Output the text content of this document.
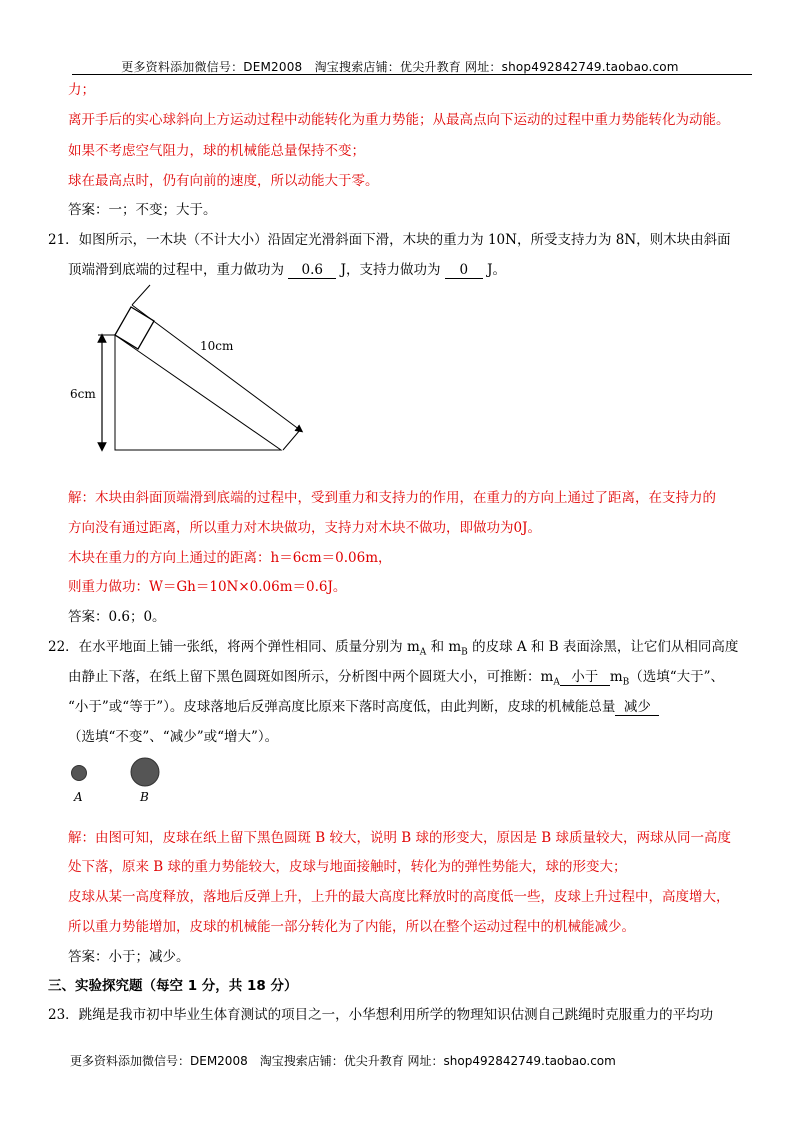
更多资料添加微信号：DEM2008　淘宝搜索店铺：优尖升教育 网址：shop492842749.taobao.com
力；
离开手后的实心球斜向上方运动过程中动能转化为重力势能；从最高点向下运动的过程中重力势能转化为动能。
如果不考虑空气阻力，球的机械能总量保持不变；
球在最高点时，仍有向前的速度，所以动能大于零。
答案：一；不变；大于。
21．如图所示，一木块（不计大小）沿固定光滑斜面下滑，木块的重力为 10N，所受支持力为 8N，则木块由斜面
顶端滑到底端的过程中，重力做功为 0.6 J，支持力做功为 0 J。
10cm
6cm
解：木块由斜面顶端滑到底端的过程中，受到重力和支持力的作用，在重力的方向上通过了距离，在支持力的
方向没有通过距离，所以重力对木块做功，支持力对木块不做功，即做功为0J。
木块在重力的方向上通过的距离：h＝6cm＝0.06m，
则重力做功：W＝Gh＝10N×0.06m＝0.6J。
答案：0.6；0。
22．在水平地面上铺一张纸，将两个弹性相同、质量分别为 $m_A$ 和 $m_B$ 的皮球 A 和 B 表面涂黑，让它们从相同高度
由静止下落，在纸上留下黑色圆斑如图所示，分析图中两个圆斑大小，可推断：$m_A$ 小于 $m_B$（选填“大于”、
“小于”或“等于”）。皮球落地后反弹高度比原来下落时高度低，由此判断，皮球的机械能总量 减少
（选填“不变”、“减少”或“增大”）。
A	B
解：由图可知，皮球在纸上留下黑色圆斑 B 较大，说明 B 球的形变大，原因是 B 球质量较大，两球从同一高度
处下落，原来 B 球的重力势能较大，皮球与地面接触时，转化为的弹性势能大，球的形变大；
皮球从某一高度释放，落地后反弹上升，上升的最大高度比释放时的高度低一些，皮球上升过程中，高度增大，
所以重力势能增加，皮球的机械能一部分转化为了内能，所以在整个运动过程中的机械能减少。
答案：小于；减少。
三、实验探究题（每空 1 分，共 18 分）
23．跳绳是我市初中毕业生体育测试的项目之一，小华想利用所学的物理知识估测自己跳绳时克服重力的平均功
更多资料添加微信号：DEM2008　淘宝搜索店铺：优尖升教育 网址：shop492842749.taobao.com
